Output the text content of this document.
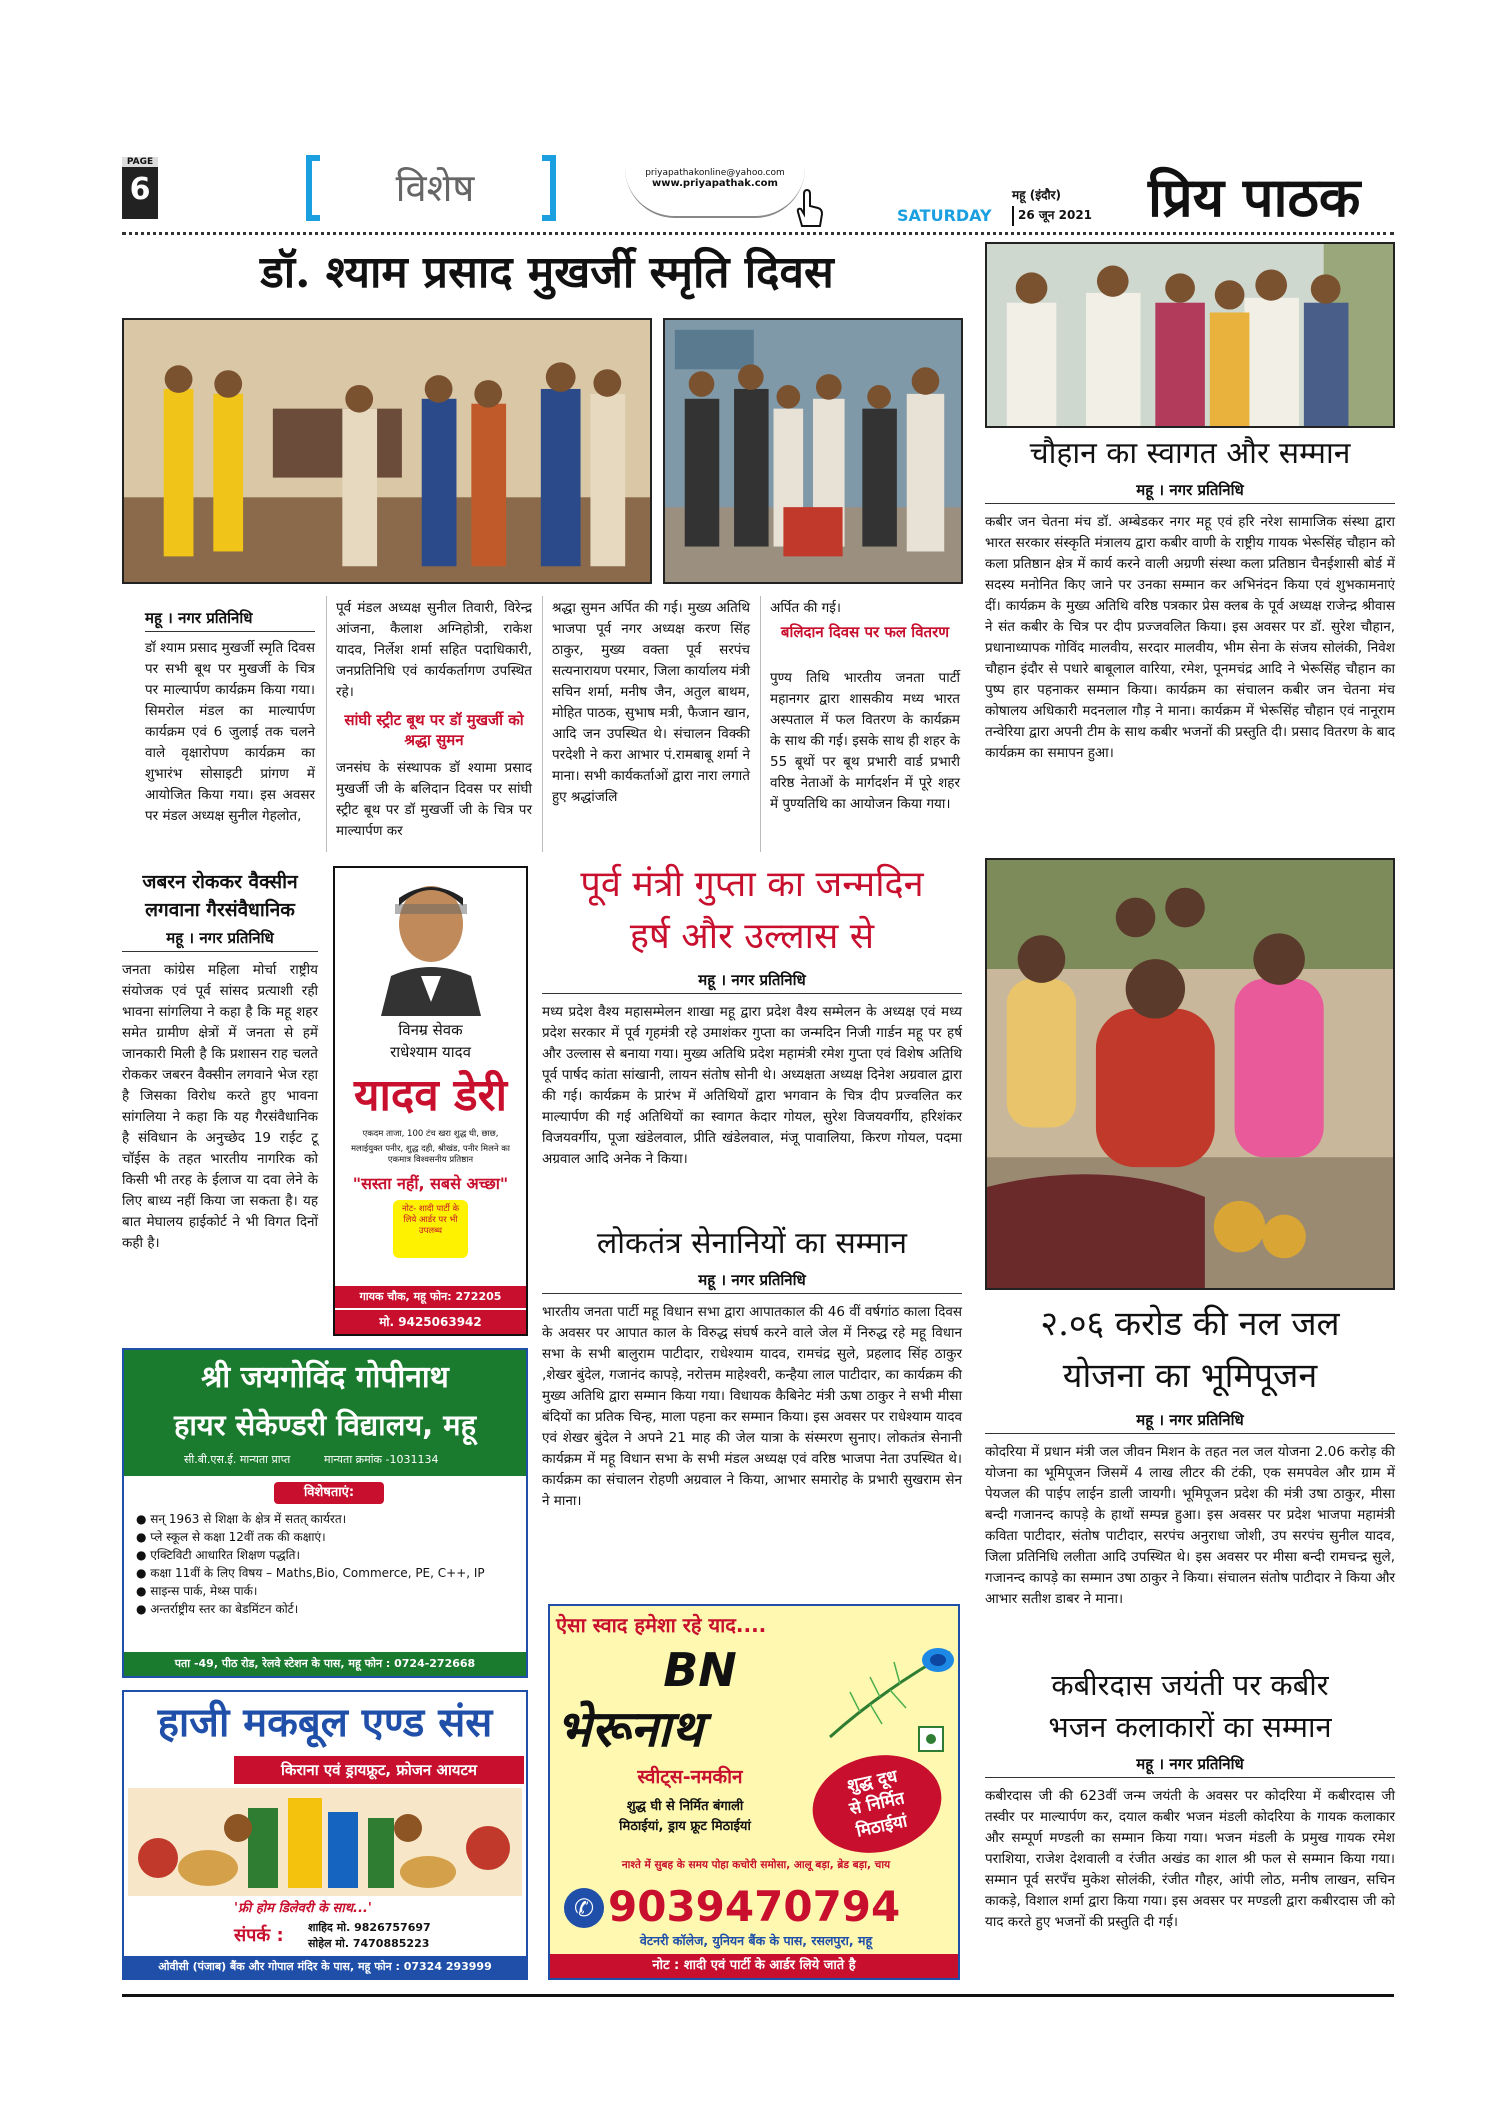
PAGE
6	विशेष	priyapathakonline@yahoo.com
www.priyapathak.com
SATURDAY
महू (इंदौर)
26 जून 2021 प्रिय पाठक
डॉ. श्याम प्रसाद मुखर्जी स्मृति दिवस
महू । नगर प्रतिनिधि
डॉ श्याम प्रसाद मुखर्जी स्मृति दिवस पर सभी बूथ पर मुखर्जी के चित्र पर माल्यार्पण कार्यक्रम किया गया। सिमरोल मंडल का माल्यार्पण कार्यक्रम एवं 6 जुलाई तक चलने वाले वृक्षारोपण कार्यक्रम का शुभारंभ सोसाइटी प्रांगण में आयोजित किया गया। इस अवसर पर मंडल अध्यक्ष सुनील गेहलोत,
पूर्व मंडल अध्यक्ष सुनील तिवारी, विरेन्द्र आंजना, कैलाश अग्निहोत्री, राकेश यादव, निर्लेश शर्मा सहित पदाधिकारी, जनप्रतिनिधि एवं कार्यकर्तागण उपस्थित रहे।
सांघी स्ट्रीट बूथ पर डॉ मुखर्जी को श्रद्धा सुमन
जनसंघ के संस्थापक डॉ श्यामा प्रसाद मुखर्जी जी के बलिदान दिवस पर सांघी स्ट्रीट बूथ पर डॉ मुखर्जी जी के चित्र पर माल्यार्पण कर
श्रद्धा सुमन अर्पित की गई। मुख्य अतिथि भाजपा पूर्व नगर अध्यक्ष करण सिंह ठाकुर, मुख्य वक्ता पूर्व सरपंच सत्यनारायण परमार, जिला कार्यालय मंत्री सचिन शर्मा, मनीष जैन, अतुल बाथम, मोहित पाठक, सुभाष मत्री, फैजान खान, आदि जन उपस्थित थे। संचालन विक्की परदेशी ने करा आभार पं.रामबाबू शर्मा ने माना। सभी कार्यकर्ताओं द्वारा नारा लगाते हुए श्रद्धांजलि
अर्पित की गई।
बलिदान दिवस पर फल वितरण
पुण्य तिथि भारतीय जनता पार्टी महानगर द्वारा शासकीय मध्य भारत अस्पताल में फल वितरण के कार्यक्रम के साथ की गई। इसके साथ ही शहर के 55 बूथों पर बूथ प्रभारी वार्ड प्रभारी वरिष्ठ नेताओं के मार्गदर्शन में पूरे शहर में पुण्यतिथि का आयोजन किया गया।
चौहान का स्वागत और सम्मान
महू । नगर प्रतिनिधि
कबीर जन चेतना मंच डॉ. अम्बेडकर नगर महू एवं हरि नरेश सामाजिक संस्था द्वारा भारत सरकार संस्कृति मंत्रालय द्वारा कबीर वाणी के राष्ट्रीय गायक भेरूसिंह चौहान को कला प्रतिष्ठान क्षेत्र में कार्य करने वाली अग्रणी संस्था कला प्रतिष्ठान चैनईशासी बोर्ड में सदस्य मनोनित किए जाने पर उनका सम्मान कर अभिनंदन किया एवं शुभकामनाएं दीं। कार्यक्रम के मुख्य अतिथि वरिष्ठ पत्रकार प्रेस क्लब के पूर्व अध्यक्ष राजेन्द्र श्रीवास ने संत कबीर के चित्र पर दीप प्रज्जवलित किया। इस अवसर पर डॉ. सुरेश चौहान, प्रधानाध्यापक गोविंद मालवीय, सरदार मालवीय, भीम सेना के संजय सोलंकी, निवेश चौहान इंदौर से पधारे बाबूलाल वारिया, रमेश, पूनमचंद्र आदि ने भेरूसिंह चौहान का पुष्प हार पहनाकर सम्मान किया। कार्यक्रम का संचालन कबीर जन चेतना मंच कोषालय अधिकारी मदनलाल गौड़ ने माना। कार्यक्रम में भेरूसिंह चौहान एवं नानूराम तन्वेरिया द्वारा अपनी टीम के साथ कबीर भजनों की प्रस्तुति दी। प्रसाद वितरण के बाद कार्यक्रम का समापन हुआ।
जबरन रोककर वैक्सीन लगवाना गैरसंवैधानिक
महू । नगर प्रतिनिधि
जनता कांग्रेस महिला मोर्चा राष्ट्रीय संयोजक एवं पूर्व सांसद प्रत्याशी रही भावना सांगलिया ने कहा है कि महू शहर समेत ग्रामीण क्षेत्रों में जनता से हमें जानकारी मिली है कि प्रशासन राह चलते रोककर जबरन वैक्सीन लगवाने भेज रहा है जिसका विरोध करते हुए भावना सांगलिया ने कहा कि यह गैरसंवैधानिक है संविधान के अनुच्छेद 19 राईट टू चॉईस के तहत भारतीय नागरिक को किसी भी तरह के ईलाज या दवा लेने के लिए बाध्य नहीं किया जा सकता है। यह बात मेघालय हाईकोर्ट ने भी विगत दिनों कही है।
विनम्र सेवक
राधेश्याम यादव
यादव डेरी
एकदम ताजा, 100 टंच खरा शुद्ध घी, छाछ,
मलाईयुक्त पनीर, शुद्ध दही, श्रीखंड, पनीर मिलने का एकमात्र विश्वसनीय प्रतिष्ठान
"सस्ता नहीं, सबसे अच्छा"
नोट- शादी पार्टी के लिये आर्डर पर भी उपलब्ध
गायक चौक, महू फोन: 272205
मो. 9425063942
पूर्व मंत्री गुप्ता का जन्मदिन
हर्ष और उल्लास से
महू । नगर प्रतिनिधि
मध्य प्रदेश वैश्य महासम्मेलन शाखा महू द्वारा प्रदेश वैश्य सम्मेलन के अध्यक्ष एवं मध्य प्रदेश सरकार में पूर्व गृहमंत्री रहे उमाशंकर गुप्ता का जन्मदिन निजी गार्डन महू पर हर्ष और उल्लास से बनाया गया। मुख्य अतिथि प्रदेश महामंत्री रमेश गुप्ता एवं विशेष अतिथि पूर्व पार्षद कांता सांखानी, लायन संतोष सोनी थे। अध्यक्षता अध्यक्ष दिनेश अग्रवाल द्वारा की गई। कार्यक्रम के प्रारंभ में अतिथियों द्वारा भगवान के चित्र दीप प्रज्वलित कर माल्यार्पण की गई अतिथियों का स्वागत केदार गोयल, सुरेश विजयवर्गीय, हरिशंकर विजयवर्गीय, पूजा खंडेलवाल, प्रीति खंडेलवाल, मंजू पावालिया, किरण गोयल, पदमा अग्रवाल आदि अनेक ने किया।
लोकतंत्र सेनानियों का सम्मान
महू । नगर प्रतिनिधि
भारतीय जनता पार्टी महू विधान सभा द्वारा आपातकाल की 46 वीं वर्षगांठ काला दिवस के अवसर पर आपात काल के विरुद्ध संघर्ष करने वाले जेल में निरुद्ध रहे महू विधान सभा के सभी बालुराम पाटीदार, राधेश्याम यादव, रामचंद्र सुले, प्रहलाद सिंह ठाकुर ,शेखर बुंदेल, गजानंद कापड़े, नरोत्तम माहेश्वरी, कन्हैया लाल पाटीदार, का कार्यक्रम की मुख्य अतिथि द्वारा सम्मान किया गया। विधायक कैबिनेट मंत्री ऊषा ठाकुर ने सभी मीसा बंदियों का प्रतिक चिन्ह, माला पहना कर सम्मान किया। इस अवसर पर राधेश्याम यादव एवं शेखर बुंदेल ने अपने 21 माह की जेल यात्रा के संस्मरण सुनाए। लोकतंत्र सेनानी कार्यक्रम में महू विधान सभा के सभी मंडल अध्यक्ष एवं वरिष्ठ भाजपा नेता उपस्थित थे। कार्यक्रम का संचालन रोहणी अग्रवाल ने किया, आभार समारोह के प्रभारी सुखराम सेन ने माना।
२.०६ करोड की नल जल
योजना का भूमिपूजन
महू । नगर प्रतिनिधि
कोदरिया में प्रधान मंत्री जल जीवन मिशन के तहत नल जल योजना 2.06 करोड़ की योजना का भूमिपूजन जिसमें 4 लाख लीटर की टंकी, एक समपवेल और ग्राम में पेयजल की पाईप लाईन डाली जायगी। भूमिपूजन प्रदेश की मंत्री उषा ठाकुर, मीसा बन्दी गजानन्द कापड़े के हाथों सम्पन्न हुआ। इस अवसर पर प्रदेश भाजपा महामंत्री कविता पाटीदार, संतोष पाटीदार, सरपंच अनुराधा जोशी, उप सरपंच सुनील यादव, जिला प्रतिनिधि ललीता आदि उपस्थित थे। इस अवसर पर मीसा बन्दी रामचन्द्र सुले, गजानन्द कापड़े का सम्मान उषा ठाकुर ने किया। संचालन संतोष पाटीदार ने किया और आभार सतीश डाबर ने माना।
कबीरदास जयंती पर कबीर
भजन कलाकारों का सम्मान
महू । नगर प्रतिनिधि
कबीरदास जी की 623वीं जन्म जयंती के अवसर पर कोदरिया में कबीरदास जी तस्वीर पर माल्यार्पण कर, दयाल कबीर भजन मंडली कोदरिया के गायक कलाकार और सम्पूर्ण मण्डली का सम्मान किया गया। भजन मंडली के प्रमुख गायक रमेश पराशिया, राजेश देशवाली व रंजीत अखंड का शाल श्री फल से सम्मान किया गया। सम्मान पूर्व सरपँच मुकेश सोलंकी, रंजीत गौहर, आंपी लोठ, मनीष लाखन, सचिन काकड़े, विशाल शर्मा द्वारा किया गया। इस अवसर पर मण्डली द्वारा कबीरदास जी को याद करते हुए भजनों की प्रस्तुति दी गई।
श्री जयगोविंद गोपीनाथ
हायर सेकेण्डरी विद्यालय, महू
सी.बी.एस.ई. मान्यता प्राप्त	मान्यता क्रमांक -1031134
विशेषताएं:
● सन् 1963 से शिक्षा के क्षेत्र में सतत् कार्यरत।
● प्ले स्कूल से कक्षा 12वीं तक की कक्षाएं।
● एक्टिविटी आधारित शिक्षण पद्धति।
● कक्षा 11वीं के लिए विषय – Maths,Bio, Commerce, PE, C++, IP
● साइन्स पार्क, मेथ्स पार्क।
● अन्तर्राष्ट्रीय स्तर का बेडमिंटन कोर्ट।
पता -49, पीठ रोड, रेलवे स्टेशन के पास, महू फोन : 0724-272668
हाजी मकबूल एण्ड संस
किराना एवं ड्रायफ्रूट, फ्रोजन आयटम
'फ्री होम डिलेवरी के साथ...'
संपर्क :	शाहिद मो. 9826757697
सोहेल मो. 7470885223
ओवीसी (पंजाब) बैंक और गोपाल मंदिर के पास, महू फोन : 07324 293999
ऐसा स्वाद हमेशा रहे याद....
BN
भेरूनाथ
स्वीट्स-नमकीन
शुद्ध घी से निर्मित बंगाली
मिठाईयां, ड्राय फ्रूट मिठाईयां
शुद्ध दूध
से निर्मित
मिठाईयां
नाश्ते में सुबह के समय पोहा कचोरी समोसा, आलू बड़ा, ब्रेड बड़ा, चाय
✆ 9039470794
वेटनरी कॉलेज, युनियन बैंक के पास, रसलपुरा, महू
नोट : शादी एवं पार्टी के आर्डर लिये जाते है
